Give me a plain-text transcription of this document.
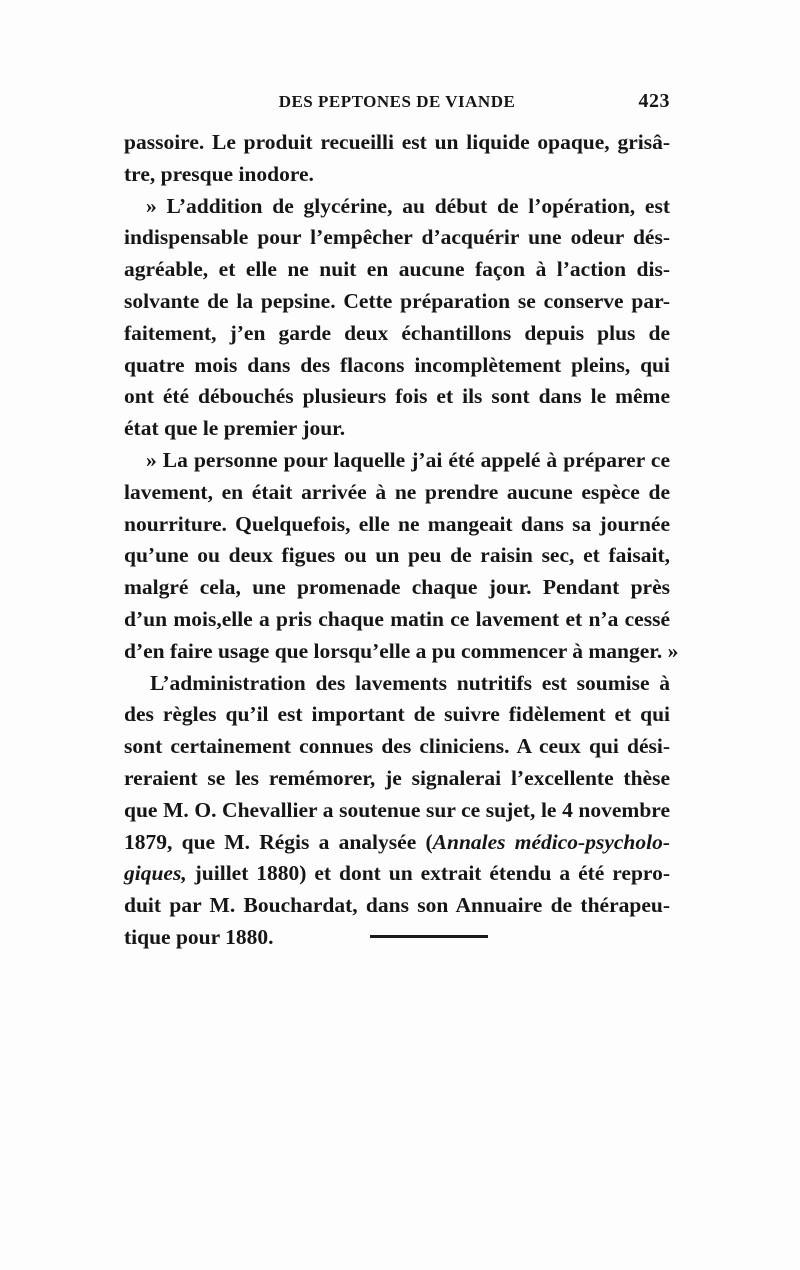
DES PEPTONES DE VIANDE	423
passoire. Le produit recueilli est un liquide opaque, grisâ-
tre, presque inodore.
» L’addition de glycérine, au début de l’opération, est
indispensable pour l’empêcher d’acquérir une odeur dés-
agréable, et elle ne nuit en aucune façon à l’action dis-
solvante de la pepsine. Cette préparation se conserve par-
faitement, j’en garde deux échantillons depuis plus de
quatre mois dans des flacons incomplètement pleins, qui
ont été débouchés plusieurs fois et ils sont dans le même
état que le premier jour.
» La personne pour laquelle j’ai été appelé à préparer ce
lavement, en était arrivée à ne prendre aucune espèce de
nourriture. Quelquefois, elle ne mangeait dans sa journée
qu’une ou deux figues ou un peu de raisin sec, et faisait,
malgré cela, une promenade chaque jour. Pendant près
d’un mois,elle a pris chaque matin ce lavement et n’a cessé
d’en faire usage que lorsqu’elle a pu commencer à manger. »
L’administration des lavements nutritifs est soumise à
des règles qu’il est important de suivre fidèlement et qui
sont certainement connues des cliniciens. A ceux qui dési-
reraient se les remémorer, je signalerai l’excellente thèse
que M. O. Chevallier a soutenue sur ce sujet, le 4 novembre
1879, que M. Régis a analysée (Annales médico-psycholo-
giques, juillet 1880) et dont un extrait étendu a été repro-
duit par M. Bouchardat, dans son Annuaire de thérapeu-
tique pour 1880.
